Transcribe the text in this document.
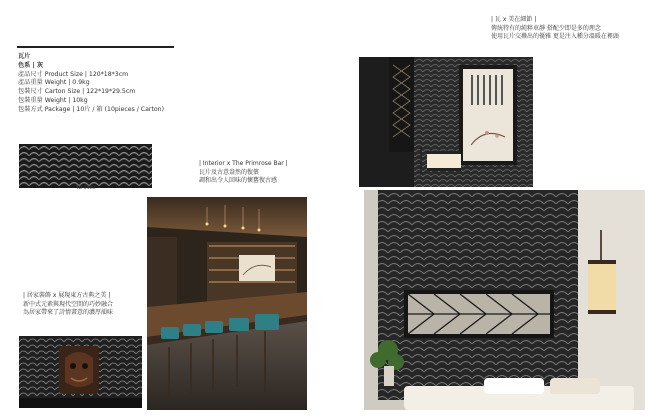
| 瓦 x 美在細節 |
傳統特有的純粹車靜 搭配少即是多的理念
使用瓦片交疊出的優雅 更是注入種分溫暖在裡頭
瓦片
色系 | 灰
產品尺寸 Product Size | 120*18*3cm
產品重量 Weight | 0.9kg
包裝尺寸 Carton Size | 122*19*29.5cm
包裝重量 Weight | 10kg
包裝方式 Package | 10片 / 箱 (10pieces / Carton)
TD 3400
| Interior x The Primrose Bar |
瓦片及古意盎然的復儐
調和出令人回味的懷舊復古感
| 居家裝飾 x 展現東方古典之美 |
新中式元素與現代空間的巧妙融合
為居家帶來了詩情畫意的濃厚韻味
